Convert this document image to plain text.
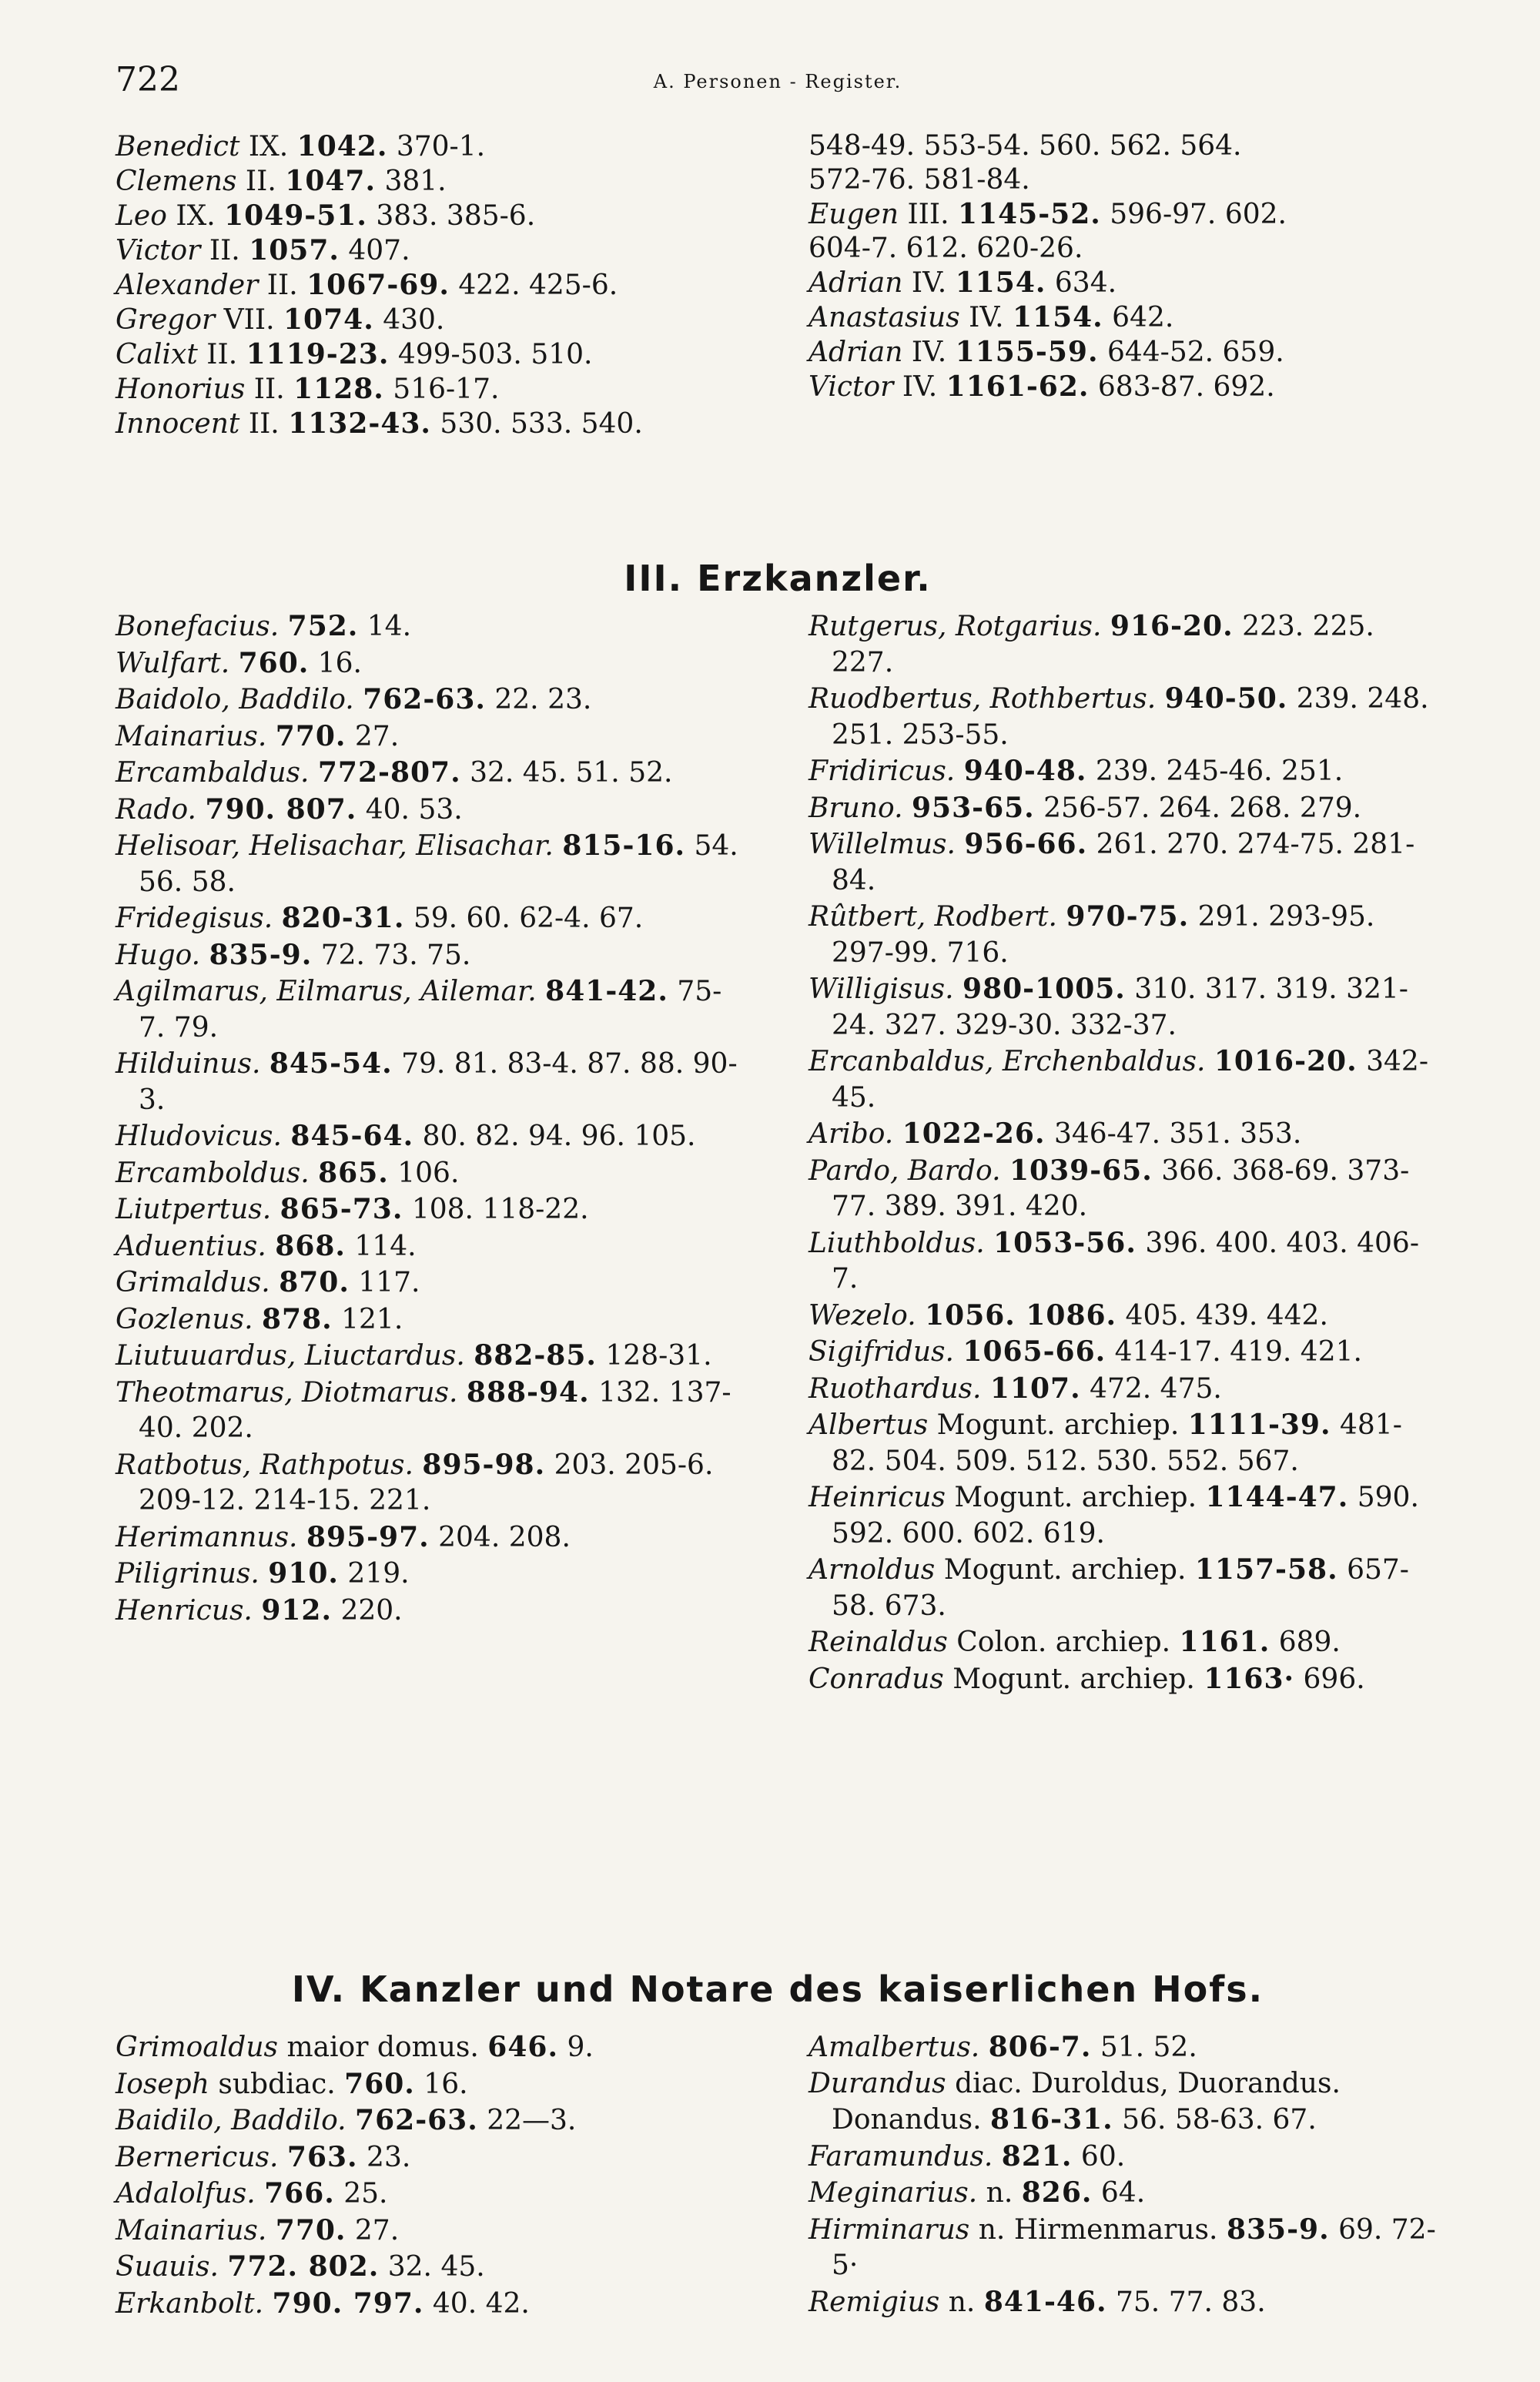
722	A. Personen - Register.
Benedict IX. 1042. 370-1.
Clemens II. 1047. 381.
Leo IX. 1049-51. 383. 385-6.
Victor II. 1057. 407.
Alexander II. 1067-69. 422. 425-6.
Gregor VII. 1074. 430.
Calixt II. 1119-23. 499-503. 510.
Honorius II. 1128. 516-17.
Innocent II. 1132-43. 530. 533. 540.
548-49. 553-54. 560. 562. 564.
572-76. 581-84.
Eugen III. 1145-52. 596-97. 602.
604-7. 612. 620-26.
Adrian IV. 1154. 634.
Anastasius IV. 1154. 642.
Adrian IV. 1155-59. 644-52. 659.
Victor IV. 1161-62. 683-87. 692.
III. Erzkanzler.
Bonefacius. 752. 14.
Wulfart. 760. 16.
Baidolo, Baddilo. 762-63. 22. 23.
Mainarius. 770. 27.
Ercambaldus. 772-807. 32. 45. 51. 52.
Rado. 790. 807. 40. 53.
Helisoar, Helisachar, Elisachar. 815-16. 54. 56. 58.
Fridegisus. 820-31. 59. 60. 62-4. 67.
Hugo. 835-9. 72. 73. 75.
Agilmarus, Eilmarus, Ailemar. 841-42. 75-7. 79.
Hilduinus. 845-54. 79. 81. 83-4. 87. 88. 90-3.
Hludovicus. 845-64. 80. 82. 94. 96. 105.
Ercamboldus. 865. 106.
Liutpertus. 865-73. 108. 118-22.
Aduentius. 868. 114.
Grimaldus. 870. 117.
Gozlenus. 878. 121.
Liutuuardus, Liuctardus. 882-85. 128-31.
Theotmarus, Diotmarus. 888-94. 132. 137-40. 202.
Ratbotus, Rathpotus. 895-98. 203. 205-6. 209-12. 214-15. 221.
Herimannus. 895-97. 204. 208.
Piligrinus. 910. 219.
Henricus. 912. 220.
Rutgerus, Rotgarius. 916-20. 223. 225. 227.
Ruodbertus, Rothbertus. 940-50. 239. 248. 251. 253-55.
Fridiricus. 940-48. 239. 245-46. 251.
Bruno. 953-65. 256-57. 264. 268. 279.
Willelmus. 956-66. 261. 270. 274-75. 281-84.
Rûtbert, Rodbert. 970-75. 291. 293-95. 297-99. 716.
Willigisus. 980-1005. 310. 317. 319. 321-24. 327. 329-30. 332-37.
Ercanbaldus, Erchenbaldus. 1016-20. 342-45.
Aribo. 1022-26. 346-47. 351. 353.
Pardo, Bardo. 1039-65. 366. 368-69. 373-77. 389. 391. 420.
Liuthboldus. 1053-56. 396. 400. 403. 406-7.
Wezelo. 1056. 1086. 405. 439. 442.
Sigifridus. 1065-66. 414-17. 419. 421.
Ruothardus. 1107. 472. 475.
Albertus Mogunt. archiep. 1111-39. 481-82. 504. 509. 512. 530. 552. 567.
Heinricus Mogunt. archiep. 1144-47. 590. 592. 600. 602. 619.
Arnoldus Mogunt. archiep. 1157-58. 657-58. 673.
Reinaldus Colon. archiep. 1161. 689.
Conradus Mogunt. archiep. 1163· 696.
IV. Kanzler und Notare des kaiserlichen Hofs.
Grimoaldus maior domus. 646. 9.
Ioseph subdiac. 760. 16.
Baidilo, Baddilo. 762-63. 22—3.
Bernericus. 763. 23.
Adalolfus. 766. 25.
Mainarius. 770. 27.
Suauis. 772. 802. 32. 45.
Erkanbolt. 790. 797. 40. 42.
Amalbertus. 806-7. 51. 52.
Durandus diac. Duroldus, Duorandus. Donandus. 816-31. 56. 58-63. 67.
Faramundus. 821. 60.
Meginarius. n. 826. 64.
Hirminarus n. Hirmenmarus. 835-9. 69. 72-5·
Remigius n. 841-46. 75. 77. 83.
